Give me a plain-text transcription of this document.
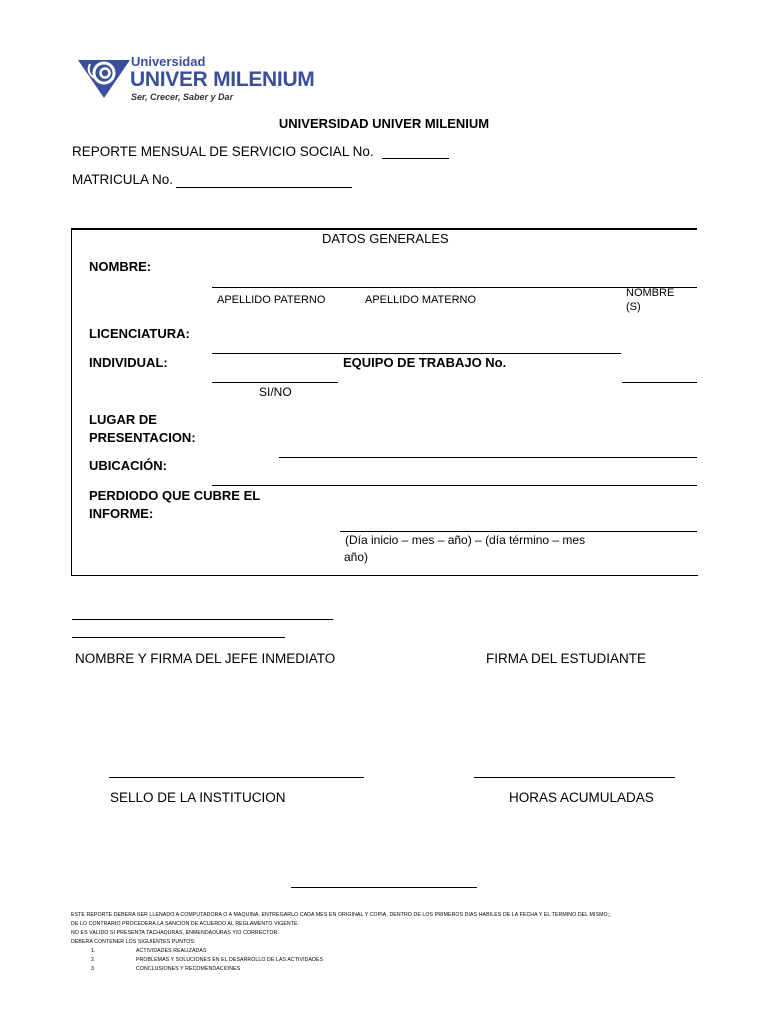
Universidad
UNIVER MILENIUM
Ser, Crecer, Saber y Dar
UNIVERSIDAD UNIVER MILENIUM
REPORTE MENSUAL DE SERVICIO SOCIAL No.
MATRICULA No.
DATOS GENERALES
NOMBRE:
APELLIDO PATERNO	APELLIDO MATERNO
NOMBRE
(S)
LICENCIATURA:
INDIVIDUAL:	EQUIPO DE TRABAJO No.
SI/NO
LUGAR DE
PRESENTACION:
UBICACIÓN:
PERDIODO QUE CUBRE EL
INFORME:
(Día inicio – mes – año) – (día término – mes
año)
NOMBRE Y FIRMA DEL JEFE INMEDIATO	FIRMA DEL ESTUDIANTE
SELLO DE LA INSTITUCION	HORAS ACUMULADAS
ESTE REPORTE DEBERA SER LLENADO A COMPUTADORA O A MAQUINA, ENTREGARLO CADA MES EN ORIGINAL Y COPIA, DENTRO DE LOS PRIMEROS DIAS HABILES DE LA FECHA Y EL TERMINO DEL MISMO;;
DE LO CONTRARIO PROCEDERA LA SANCION DE ACUERDO AL REGLAMENTO VIGENTE.
NO ES VALIDO SI PRESENTA TACHADURAS, ENMENDADURAS Y/O CORRECTOR.
DEBERA CONTENER LOS SIGUIENTES PUNTOS:
1.	ACTIVIDADES REALIZADAS
2.	PROBLEMAS Y SOLUCIONES EN EL DESARROLLO DE LAS ACTIVIDADES
3.	CONCLUSIONES Y RECOMENDACIONES
